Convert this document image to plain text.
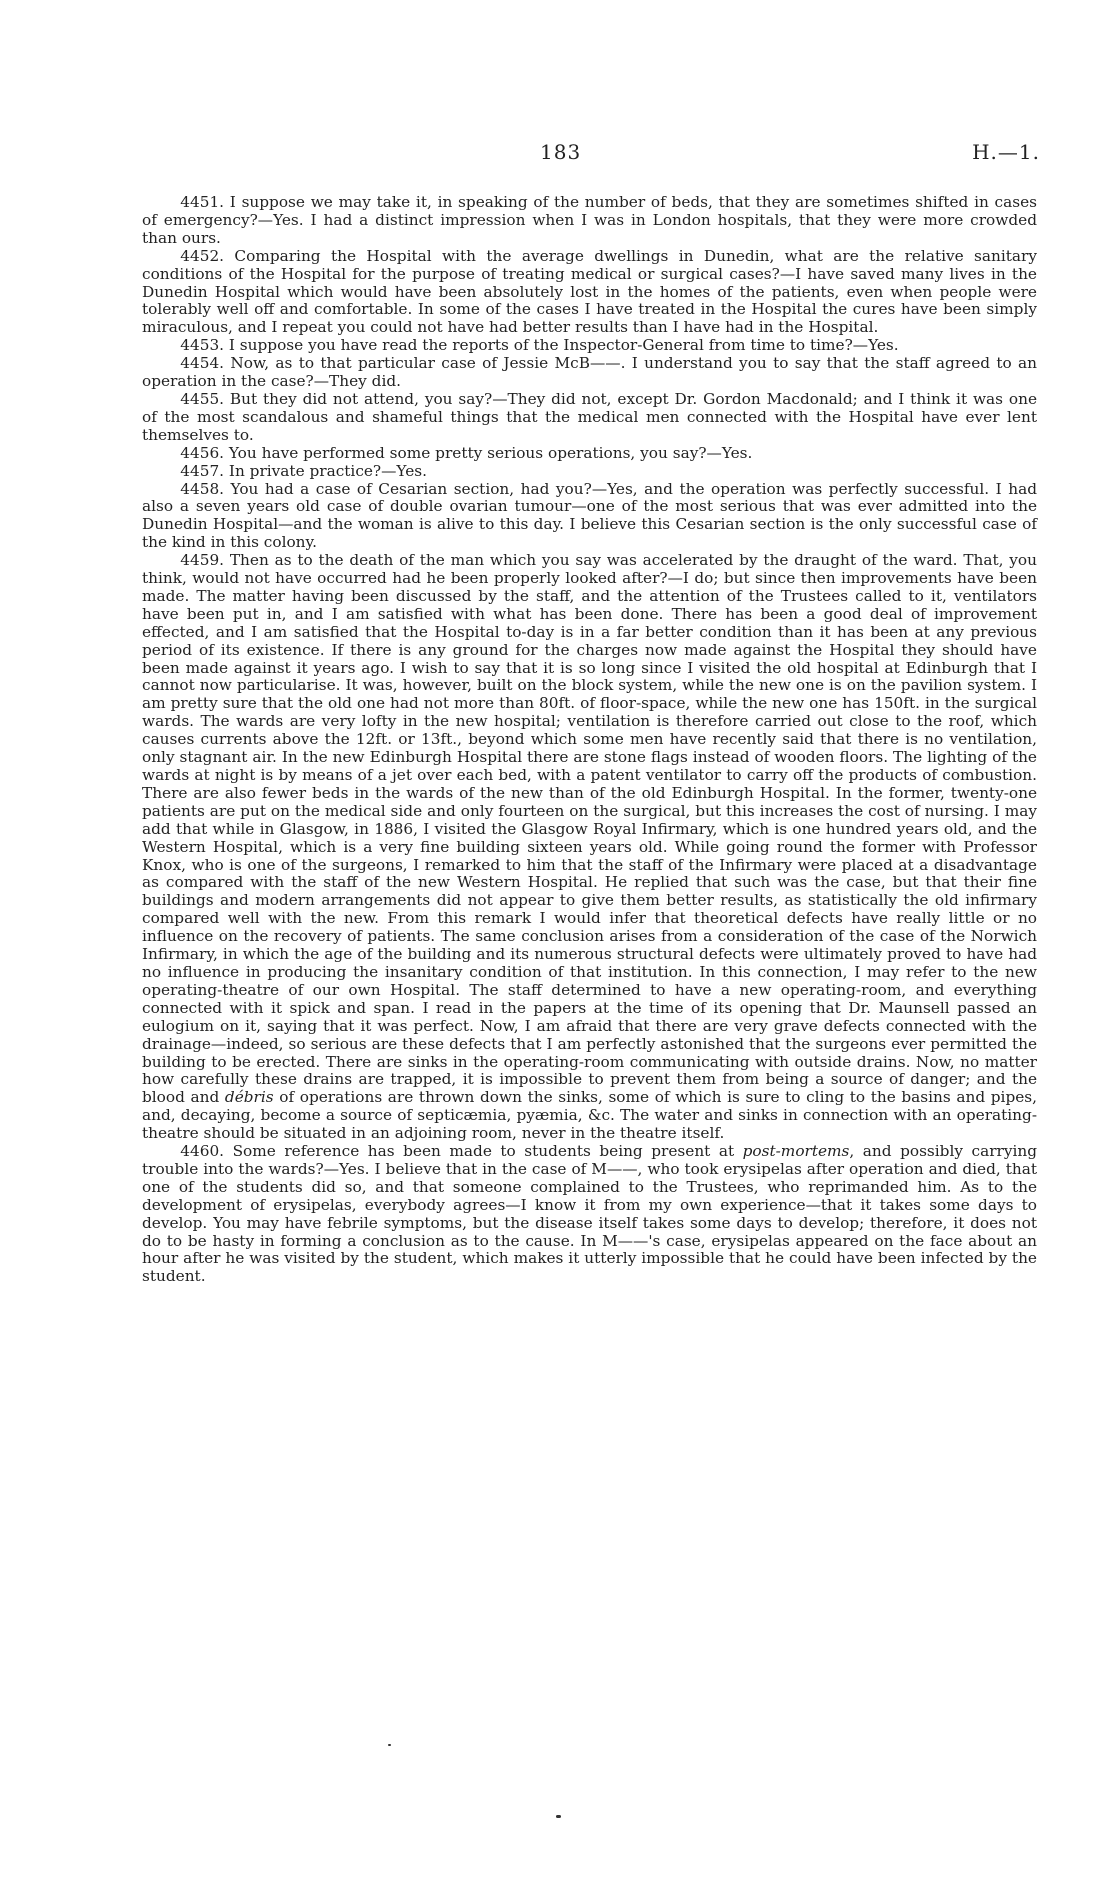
183	H.—1.

4451. I suppose we may take it, in speaking of the number of beds, that they are sometimes shifted in cases of emergency?—Yes. I had a distinct impression when I was in London hospitals, that they were more crowded than ours.

4452. Comparing the Hospital with the average dwellings in Dunedin, what are the relative sanitary conditions of the Hospital for the purpose of treating medical or surgical cases?—I have saved many lives in the Dunedin Hospital which would have been absolutely lost in the homes of the patients, even when people were tolerably well off and comfortable. In some of the cases I have treated in the Hospital the cures have been simply miraculous, and I repeat you could not have had better results than I have had in the Hospital.

4453. I suppose you have read the reports of the Inspector-General from time to time?—Yes.

4454. Now, as to that particular case of Jessie McB——. I understand you to say that the staff agreed to an operation in the case?—They did.

4455. But they did not attend, you say?—They did not, except Dr. Gordon Macdonald; and I think it was one of the most scandalous and shameful things that the medical men connected with the Hospital have ever lent themselves to.

4456. You have performed some pretty serious operations, you say?—Yes.

4457. In private practice?—Yes.

4458. You had a case of Cesarian section, had you?—Yes, and the operation was perfectly successful. I had also a seven years old case of double ovarian tumour—one of the most serious that was ever admitted into the Dunedin Hospital—and the woman is alive to this day. I believe this Cesarian section is the only successful case of the kind in this colony.

4459. Then as to the death of the man which you say was accelerated by the draught of the ward. That, you think, would not have occurred had he been properly looked after?—I do; but since then improvements have been made. The matter having been discussed by the staff, and the attention of the Trustees called to it, ventilators have been put in, and I am satisfied with what has been done. There has been a good deal of improvement effected, and I am satisfied that the Hospital to-day is in a far better condition than it has been at any previous period of its existence. If there is any ground for the charges now made against the Hospital they should have been made against it years ago. I wish to say that it is so long since I visited the old hospital at Edinburgh that I cannot now particularise. It was, however, built on the block system, while the new one is on the pavilion system. I am pretty sure that the old one had not more than 80ft. of floor-space, while the new one has 150ft. in the surgical wards. The wards are very lofty in the new hospital; ventilation is therefore carried out close to the roof, which causes currents above the 12ft. or 13ft., beyond which some men have recently said that there is no ventilation, only stagnant air. In the new Edinburgh Hospital there are stone flags instead of wooden floors. The lighting of the wards at night is by means of a jet over each bed, with a patent ventilator to carry off the products of combustion. There are also fewer beds in the wards of the new than of the old Edinburgh Hospital. In the former, twenty-one patients are put on the medical side and only fourteen on the surgical, but this increases the cost of nursing. I may add that while in Glasgow, in 1886, I visited the Glasgow Royal Infirmary, which is one hundred years old, and the Western Hospital, which is a very fine building sixteen years old. While going round the former with Professor Knox, who is one of the surgeons, I remarked to him that the staff of the Infirmary were placed at a disadvantage as compared with the staff of the new Western Hospital. He replied that such was the case, but that their fine buildings and modern arrangements did not appear to give them better results, as statistically the old infirmary compared well with the new. From this remark I would infer that theoretical defects have really little or no influence on the recovery of patients. The same conclusion arises from a consideration of the case of the Norwich Infirmary, in which the age of the building and its numerous structural defects were ultimately proved to have had no influence in producing the insanitary condition of that institution. In this connection, I may refer to the new operating-theatre of our own Hospital. The staff determined to have a new operating-room, and everything connected with it spick and span. I read in the papers at the time of its opening that Dr. Maunsell passed an eulogium on it, saying that it was perfect. Now, I am afraid that there are very grave defects connected with the drainage—indeed, so serious are these defects that I am perfectly astonished that the surgeons ever permitted the building to be erected. There are sinks in the operating-room communicating with outside drains. Now, no matter how carefully these drains are trapped, it is impossible to prevent them from being a source of danger; and the blood and débris of operations are thrown down the sinks, some of which is sure to cling to the basins and pipes, and, decaying, become a source of septicæmia, pyæmia, &c. The water and sinks in connection with an operating-theatre should be situated in an adjoining room, never in the theatre itself.

4460. Some reference has been made to students being present at post-mortems, and possibly carrying trouble into the wards?—Yes. I believe that in the case of M——, who took erysipelas after operation and died, that one of the students did so, and that someone complained to the Trustees, who reprimanded him. As to the development of erysipelas, everybody agrees—I know it from my own experience—that it takes some days to develop. You may have febrile symptoms, but the disease itself takes some days to develop; therefore, it does not do to be hasty in forming a conclusion as to the cause. In M——'s case, erysipelas appeared on the face about an hour after he was visited by the student, which makes it utterly impossible that he could have been infected by the student.
